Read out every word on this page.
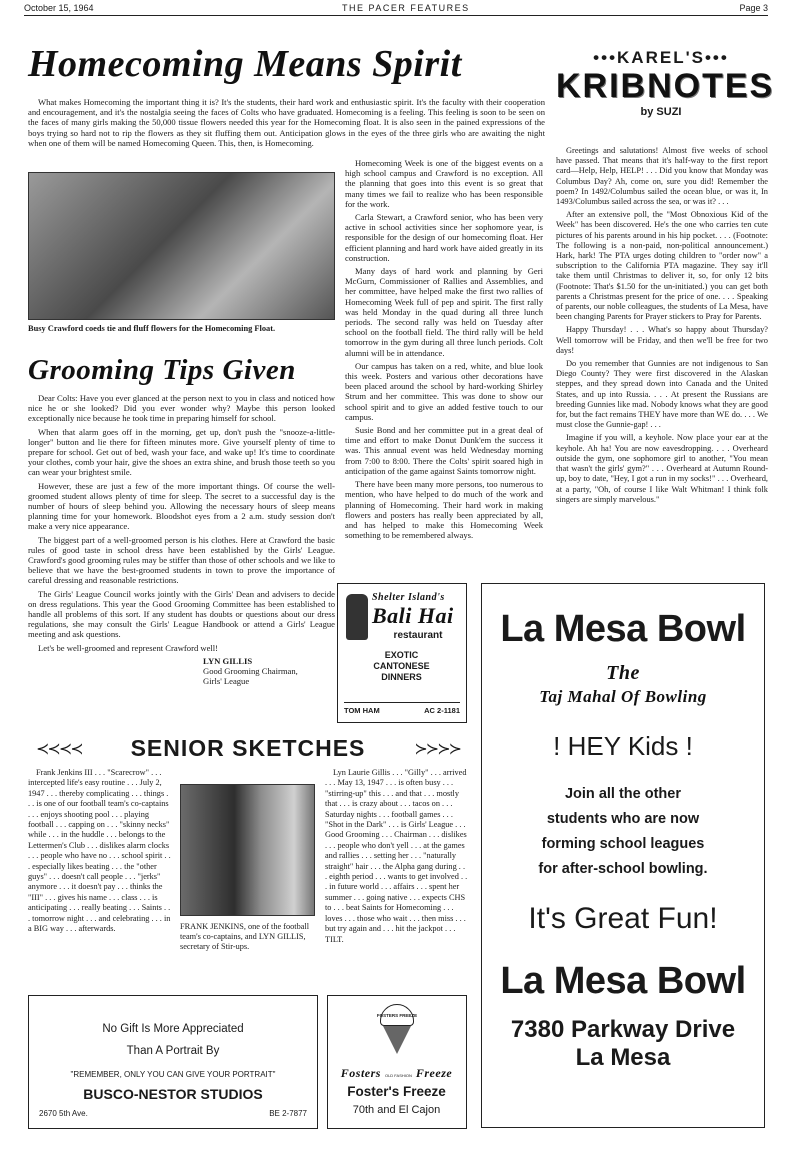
October 15, 1964	THE PACER FEATURES	Page 3
Homecoming Means Spirit	•••KAREL'S•••
KRIBNOTES
by SUZI

What makes Homecoming the important thing it is? It's the students, their hard work and enthusiastic spirit. It's the faculty with their cooperation and encouragement, and it's the nostalgia seeing the faces of Colts who have graduated. Homecoming is a feeling. This feeling is soon to be seen on the faces of many girls making the 50,000 tissue flowers needed this year for the Homecoming float. It is also seen in the pained expressions of the boys trying so hard not to rip the flowers as they sit fluffing them out. Anticipation glows in the eyes of the three girls who are awaiting the night when one of them will be named Homecoming Queen. This, then, is Homecoming.

Busy Crawford coeds tie and fluff flowers for the Homecoming Float.

Homecoming Week is one of the biggest events on a high school campus and Crawford is no exception. All the planning that goes into this event is so great that many times we fail to realize who has been responsible for the work.

Carla Stewart, a Crawford senior, who has been very active in school activities since her sophomore year, is responsible for the design of our homecoming float. Her efficient planning and hard work have aided greatly in its construction.

Many days of hard work and planning by Geri McGurn, Commissioner of Rallies and Assemblies, and her committee, have helped make the first two rallies of Homecoming Week full of pep and spirit. The first rally was held Monday in the quad during all three lunch periods. The second rally was held on Tuesday after school on the football field. The third rally will be held tomorrow in the gym during all three lunch periods. Colt alumni will be in attendance.

Our campus has taken on a red, white, and blue look this week. Posters and various other decorations have been placed around the school by hard-working Shirley Strum and her committee. This was done to show our school spirit and to give an added festive touch to our campus.

Susie Bond and her committee put in a great deal of time and effort to make Donut Dunk'em the success it was. This annual event was held Wednesday morning from 7:00 to 8:00. There the Colts' spirit soared high in anticipation of the game against Saints tomorrow night.

There have been many more persons, too numerous to mention, who have helped to do much of the work and planning of Homecoming. Their hard work in making flowers and posters has really been appreciated by all, and has helped to make this Homecoming Week something to be remembered always.

Grooming Tips Given

Dear Colts: Have you ever glanced at the person next to you in class and noticed how nice he or she looked? Did you ever wonder why? Maybe this person looked exceptionally nice because he took time in preparing himself for school.

When that alarm goes off in the morning, get up, don't push the "snooze-a-little-longer" button and lie there for fifteen minutes more. Give yourself plenty of time to prepare for school. Get out of bed, wash your face, and wake up! It's time to coordinate your clothes, comb your hair, give the shoes an extra shine, and brush those teeth so you can wear your brightest smile.

However, these are just a few of the more important things. Of course the well-groomed student allows plenty of time for sleep. The secret to a successful day is the number of hours of sleep behind you. Allowing the necessary hours of sleep means planning time for your homework. Bloodshot eyes from a 2 a.m. study session don't make a very nice appearance.

The biggest part of a well-groomed person is his clothes. Here at Crawford the basic rules of good taste in school dress have been established by the Girls' League. Crawford's good grooming rules may be stiffer than those of other schools and we like to believe that we have the best-groomed students in town to prove the importance of careful dressing and reasonable restrictions.

The Girls' League Council works jointly with the Girls' Dean and advisers to decide on dress regulations. This year the Good Grooming Committee has been established to handle all problems of this sort. If any student has doubts or questions about our dress regulations, she may consult the Girls' League Handbook or attend a Girls' League meeting and ask questions.

Let's be well-groomed and represent Crawford well!

LYN GILLIS
Good Grooming Chairman,
Girls' League

Greetings and salutations! Almost five weeks of school have passed. That means that it's half-way to the first report card—Help, Help, HELP! . . . Did you know that Monday was Columbus Day? Ah, come on, sure you did! Remember the poem? In 1492/Columbus sailed the ocean blue, or was it, In 1493/Columbus sailed across the sea, or was it? . . .

After an extensive poll, the "Most Obnoxious Kid of the Week" has been discovered. He's the one who carries ten cute pictures of his parents around in his hip pocket. . . . (Footnote: The following is a non-paid, non-political announcement.) Hark, hark! The PTA urges doting children to "order now" a subscription to the California PTA magazine. They say it'll take them until Christmas to deliver it, so, for only 12 bits (Footnote: That's $1.50 for the un-initiated.) you can get both parents a Christmas present for the price of one. . . . Speaking of parents, our noble colleagues, the students of La Mesa, have been changing Parents for Prayer stickers to Pray for Parents.

Happy Thursday! . . . What's so happy about Thursday? Well tomorrow will be Friday, and then we'll be free for two days!

Do you remember that Gunnies are not indigenous to San Diego County? They were first discovered in the Alaskan steppes, and they spread down into Canada and the United States, and up into Russia. . . . At present the Russians are breeding Gunnies like mad. Nobody knows what they are good for, but the fact remains THEY have more than WE do. . . . We must close the Gunnie-gap! . . .

Imagine if you will, a keyhole. Now place your ear at the keyhole. Ah ha! You are now eavesdropping. . . . Overheard outside the gym, one sophomore girl to another, "You mean that wasn't the girls' gym?" . . . Overheard at Autumn Round-up, boy to date, "Hey, I got a run in my socks!" . . . Overheard, at a party, "Oh, of course I like Walt Whitman! I think folk singers are simply marvelous."

Shelter Island's
Bali Hai
restaurant
EXOTIC
CANTONESE
DINNERS
TOM HAM	AC 2-1181
La Mesa Bowl
The
Taj Mahal Of Bowling
! HEY Kids !
Join all the other
students who are now
forming school leagues
for after-school bowling.
It's Great Fun!
La Mesa Bowl
7380 Parkway Drive
La Mesa
≺≺≺≺	SENIOR SKETCHES	≻≻≻≻

Frank Jenkins III . . . "Scarecrow" . . . intercepted life's easy routine . . . July 2, 1947 . . . thereby complicating . . . things . . . is one of our football team's co-captains . . . enjoys shooting pool . . . playing football . . . capping on . . . "skinny necks" while . . . in the huddle . . . belongs to the Lettermen's Club . . . dislikes alarm clocks . . . people who have no . . . school spirit . . . especially likes beating . . . the "other guys" . . . doesn't call people . . . "jerks" anymore . . . it doesn't pay . . . thinks the "III" . . . gives his name . . . class . . . is anticipating . . . really beating . . . Saints . . . tomorrow night . . . and celebrating . . . in a BIG way . . . afterwards.	FRANK JENKINS, one of the football team's co-captains, and LYN GILLIS, secretary of Stir-ups.

Lyn Laurie Gillis . . . "Gilly" . . . arrived . . . May 13, 1947 . . . is often busy . . . "stirring-up" this . . . and that . . . mostly that . . . is crazy about . . . tacos on . . . Saturday nights . . . football games . . . "Shot in the Dark" . . . is Girls' League . . . Good Grooming . . . Chairman . . . dislikes . . . people who don't yell . . . at the games and rallies . . . setting her . . . "naturally straight" hair . . . the Alpha gang during . . . eighth period . . . wants to get involved . . . in future world . . . affairs . . . spent her summer . . . going native . . . expects CHS to . . . beat Saints for Homecoming . . . loves . . . those who wait . . . then miss . . . but try again and . . . hit the jackpot . . . TILT.

No Gift Is More Appreciated
Than A Portrait By
"REMEMBER, ONLY YOU CAN GIVE YOUR PORTRAIT"
BUSCO-NESTOR STUDIOS
2670 5th Ave.	BE 2-7877
FOSTERS FREEZE
Fosters OLD FASHION Freeze
Foster's Freeze
70th and El Cajon
